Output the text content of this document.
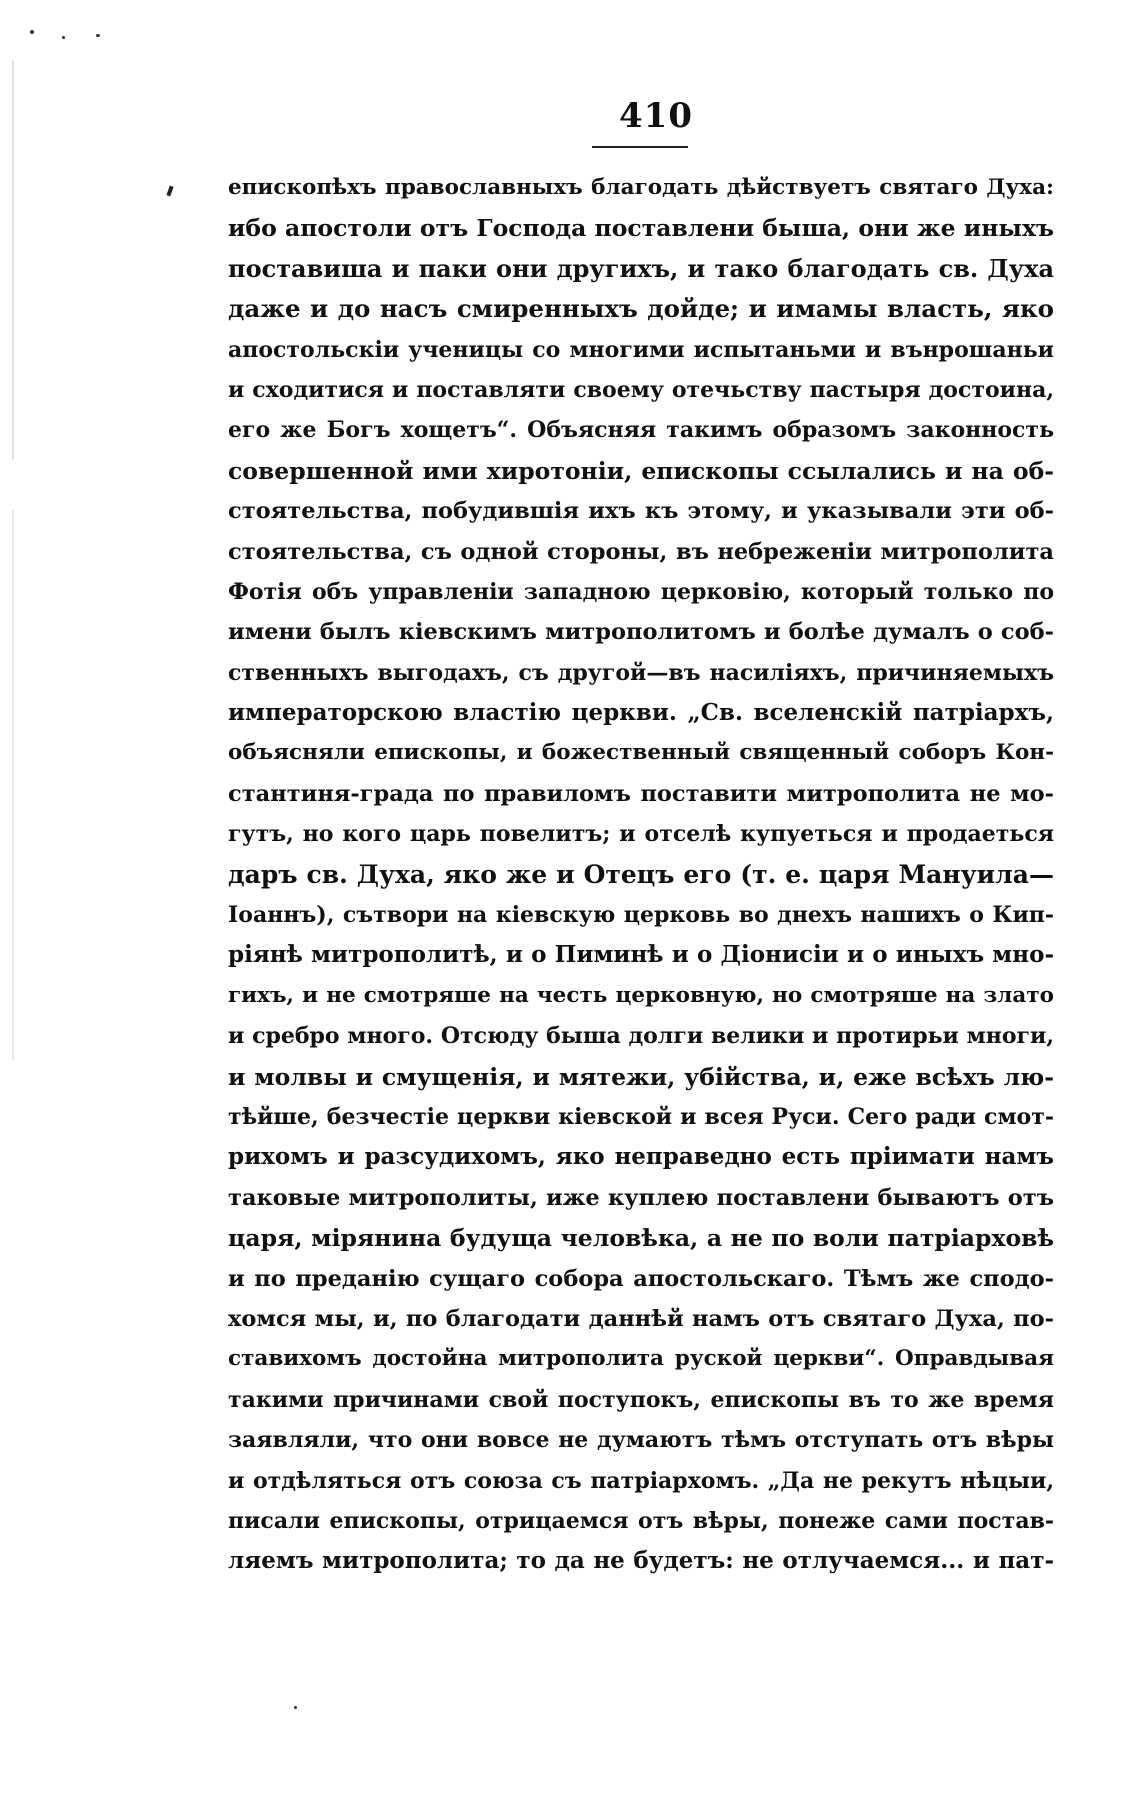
410
епископѣхъ православныхъ благодать дѣйствуетъ святаго Духа:
ибо апостоли отъ Господа поставлени быша, они же иныхъ
поставиша и паки они другихъ, и тако благодать св. Духа
даже и до насъ смиренныхъ дойде; и имамы власть, яко
апостольскiи ученицы со многими испытаньми и вънрошаньи
и сходитися и поставляти своему отечьству пастыря достоина,
его же Богъ хощетъ“. Объясняя такимъ образомъ законность
совершенной ими хиротонiи, епископы ссылались и на об-
стоятельства, побудившiя ихъ къ этому, и указывали эти об-
стоятельства, съ одной стороны, въ небреженiи митрополита
Фотiя объ управленiи западною церковiю, который только по
имени былъ кiевскимъ митрополитомъ и болѣе думалъ о соб-
ственныхъ выгодахъ, съ другой—въ насилiяхъ, причиняемыхъ
императорскою властiю церкви. „Св. вселенскiй патрiархъ,
объясняли епископы, и божественный священный соборъ Кон-
стантиня-града по правиломъ поставити митрополита не мо-
гутъ, но кого царь повелитъ; и отселѣ купуеться и продаеться
даръ св. Духа, яко же и Отецъ его (т. е. царя Мануила—
Iоаннъ), сътвори на кiевскую церковь во днехъ нашихъ о Кип-
рiянѣ митрополитѣ, и о Пиминѣ и о Дiонисiи и о иныхъ мно-
гихъ, и не смотряше на честь церковную, но смотряше на злато
и сребро много. Отсюду быша долги велики и протирьи многи,
и молвы и смущенiя, и мятежи, убiйства, и, еже всѣхъ лю-
тѣйше, безчестiе церкви кiевской и всея Руси. Сего ради смот-
рихомъ и разсудихомъ, яко неправедно есть прiимати намъ
таковые митрополиты, иже куплею поставлени бываютъ отъ
царя, мiрянина будуща человѣка, а не по воли патрiарховѣ
и по преданiю сущаго собора апостольскаго. Тѣмъ же сподо-
хомся мы, и, по благодати даннѣй намъ отъ святаго Духа, по-
ставихомъ достойна митрополита руской церкви“. Оправдывая
такими причинами свой поступокъ, епископы въ то же время
заявляли, что они вовсе не думаютъ тѣмъ отступать отъ вѣры
и отдѣляться отъ союза съ патрiархомъ. „Да не рекутъ нѣцыи,
писали епископы, отрицаемся отъ вѣры, понеже сами постав-
ляемъ митрополита; то да не будетъ: не отлучаемся... и пат-
